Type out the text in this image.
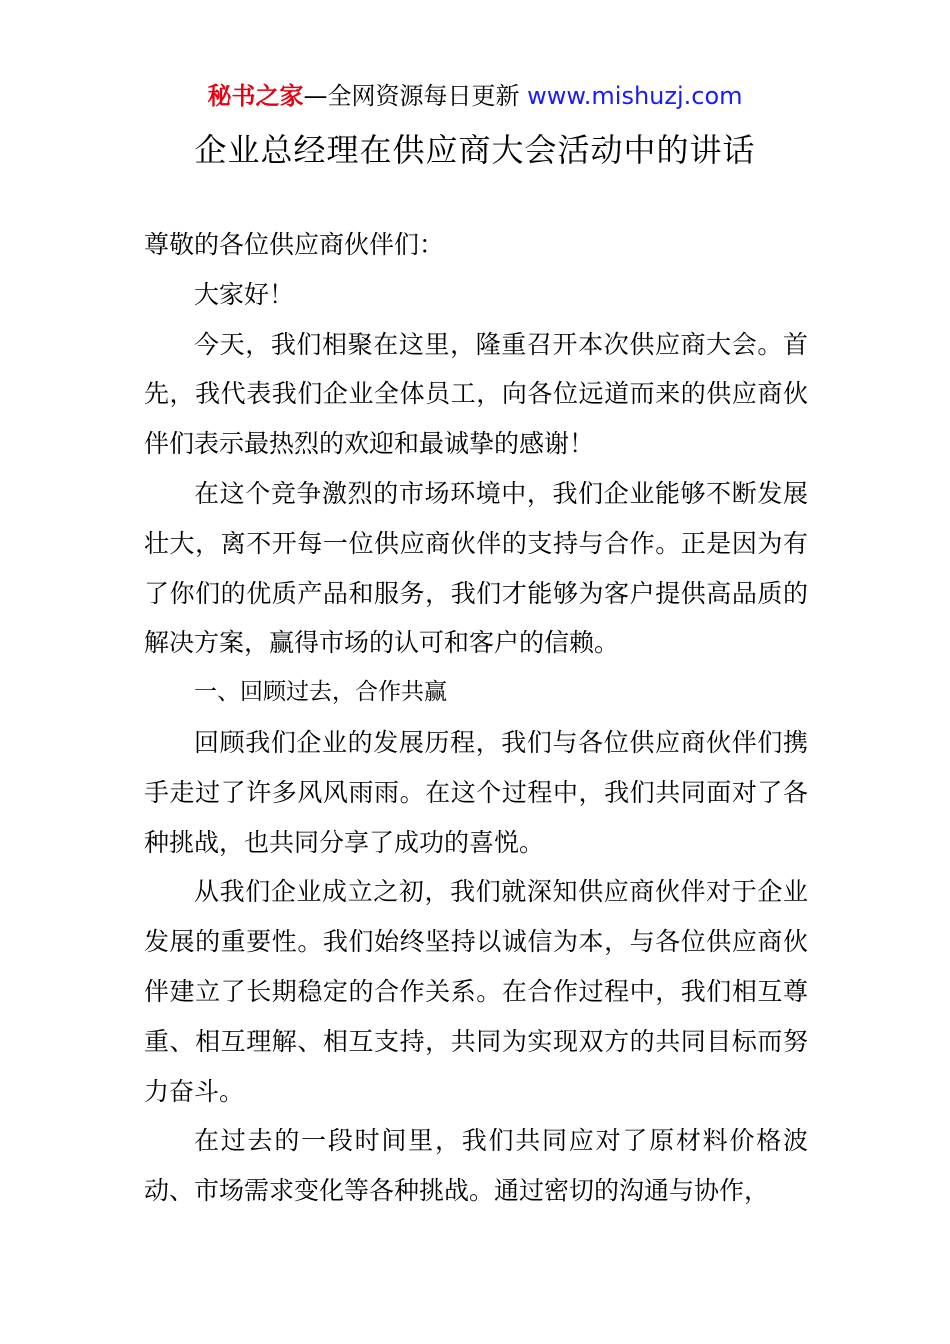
秘书之家—全网资源每日更新 www.mishuzj.com
企业总经理在供应商大会活动中的讲话

尊敬的各位供应商伙伴们：

大家好！

今天，我们相聚在这里，隆重召开本次供应商大会。首先，我代表我们企业全体员工，向各位远道而来的供应商伙伴们表示最热烈的欢迎和最诚挚的感谢！

在这个竞争激烈的市场环境中，我们企业能够不断发展壮大，离不开每一位供应商伙伴的支持与合作。正是因为有了你们的优质产品和服务，我们才能够为客户提供高品质的解决方案，赢得市场的认可和客户的信赖。

一、回顾过去，合作共赢

回顾我们企业的发展历程，我们与各位供应商伙伴们携手走过了许多风风雨雨。在这个过程中，我们共同面对了各种挑战，也共同分享了成功的喜悦。

从我们企业成立之初，我们就深知供应商伙伴对于企业发展的重要性。我们始终坚持以诚信为本，与各位供应商伙伴建立了长期稳定的合作关系。在合作过程中，我们相互尊重、相互理解、相互支持，共同为实现双方的共同目标而努力奋斗。

在过去的一段时间里，我们共同应对了原材料价格波动、市场需求变化等各种挑战。通过密切的沟通与协作，
